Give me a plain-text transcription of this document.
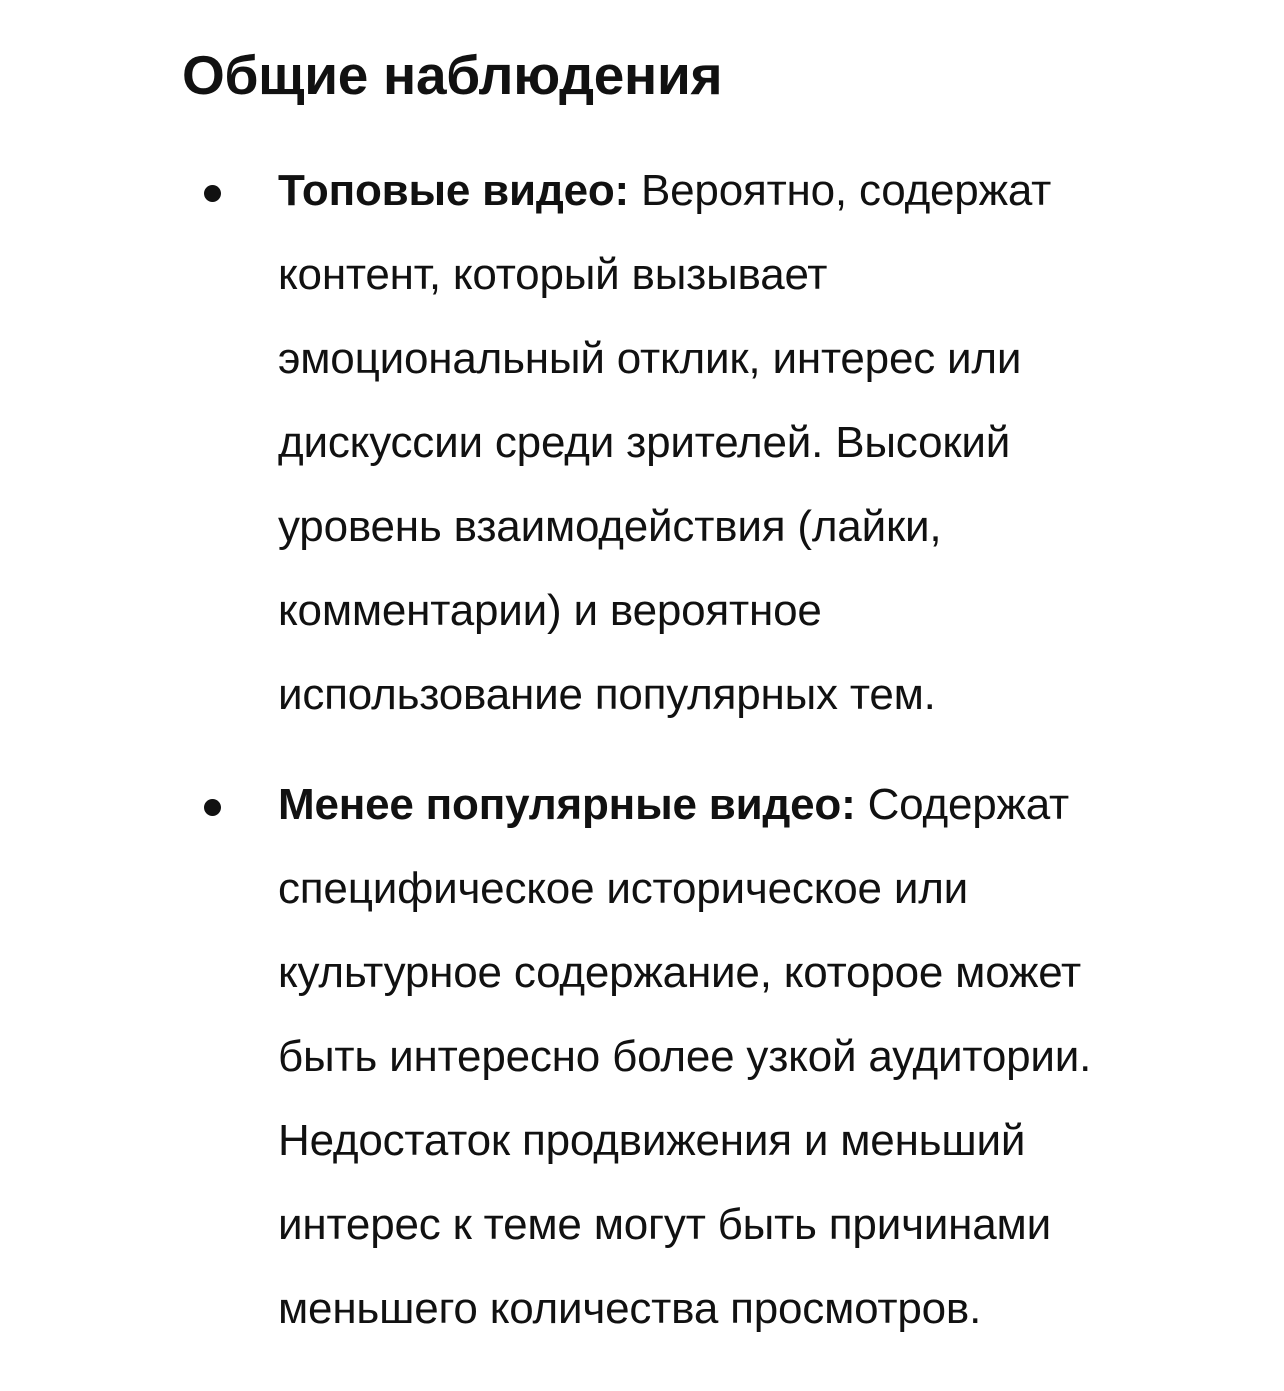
Общие наблюдения
Топовые видео: Вероятно, содержат
контент, который вызывает
эмоциональный отклик, интерес или
дискуссии среди зрителей. Высокий
уровень взаимодействия (лайки,
комментарии) и вероятное
использование популярных тем.
Менее популярные видео: Содержат
специфическое историческое или
культурное содержание, которое может
быть интересно более узкой аудитории.
Недостаток продвижения и меньший
интерес к теме могут быть причинами
меньшего количества просмотров.
